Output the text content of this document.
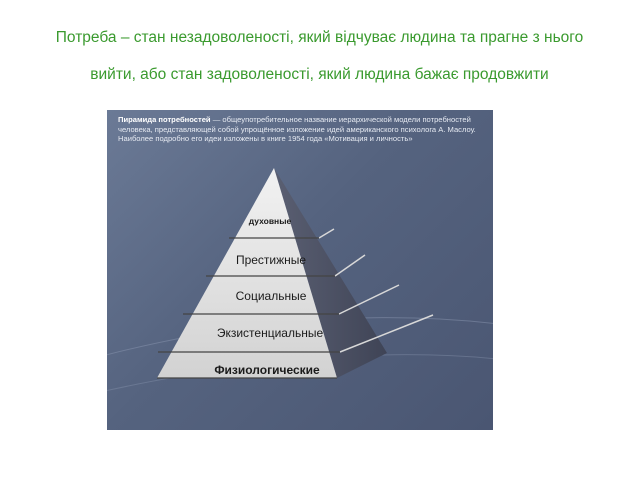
Потреба – стан незадоволеності, який відчуває людина та прагне з нього
вийти, або стан задоволеності, який людина бажає продовжити
Пирамида потребностей — общеупотребительное название иерархической модели потребностей человека, представляющей собой упрощённое изложение идей американского психолога А. Маслоу. Наиболее подробно его идеи изложены в книге 1954 года «Мотивация и личность»
духовные
Престижные
Социальные
Экзистенциальные
Физиологические
